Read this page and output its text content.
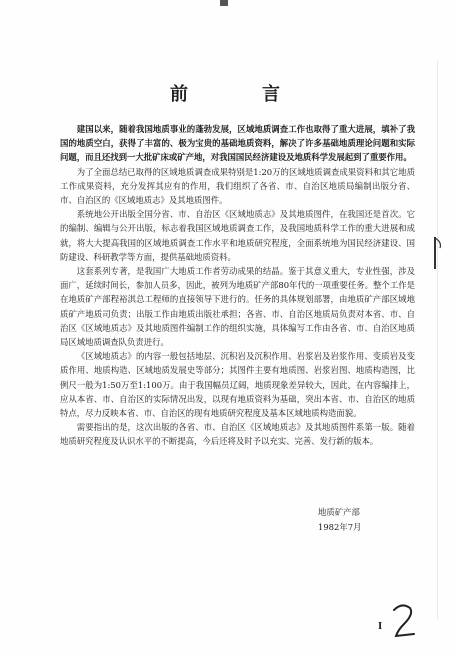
前　言

建国以来，随着我国地质事业的蓬勃发展，区域地质调查工作也取得了重大进展，填补了我国的地质空白，获得了丰富的、极为宝贵的基础地质资料，解决了许多基础地质理论问题和实际问题，而且还找到一大批矿床或矿产地，对我国国民经济建设及地质科学发展起到了重要作用。

为了全面总结已取得的区域地质调查成果特别是1:20万的区域地质调查成果资料和其它地质工作成果资料，充分发挥其应有的作用，我们组织了各省、市、自治区地质局编制出版分省、市、自治区的《区域地质志》及其地质图件。

系统地公开出版全国分省、市、自治区《区域地质志》及其地质图件，在我国还是首次。它的编制、编辑与公开出版，标志着我国区域地质调查工作，及我国地质科学工作的重大进展和成就，将大大提高我国的区域地质调查工作水平和地质研究程度，全面系统地为国民经济建设、国防建设、科研教学等方面，提供基础地质资料。

这套系列专著，是我国广大地质工作者劳动成果的结晶。鉴于其意义重大，专业性强，涉及面广，延续时间长，参加人员多，因此，被列为地质矿产部80年代的一项重要任务。整个工作是在地质矿产部程裕淇总工程师的直接领导下进行的。任务的具体规划部署，由地质矿产部区域地质矿产地质司负责；出版工作由地质出版社承担；各省、市、自治区地质局负责对本省、市、自治区《区域地质志》及其地质图件编制工作的组织实施，具体编写工作由各省、市、自治区地质局区域地质调查队负责进行。

《区域地质志》的内容一般包括地层、沉积岩及沉积作用、岩浆岩及岩浆作用、变质岩及变质作用、地质构造、区域地质发展史等部分；其图件主要有地质图、岩浆岩图、地质构造图，比例尺一般为1:50万至1:100万。由于我国幅员辽阔，地质现象差异较大，因此，在内容编排上，应从本省、市、自治区的实际情况出发，以现有地质资料为基础，突出本省、市、自治区的地质特点，尽力反映本省、市、自治区的现有地质研究程度及基本区域地质构造面貌。

需要指出的是，这次出版的各省、市、自治区《区域地质志》及其地质图件系第一版。随着地质研究程度及认识水平的不断提高，今后还将及时予以充实、完善、发行新的版本。

地质矿产部
1982年7月
I
